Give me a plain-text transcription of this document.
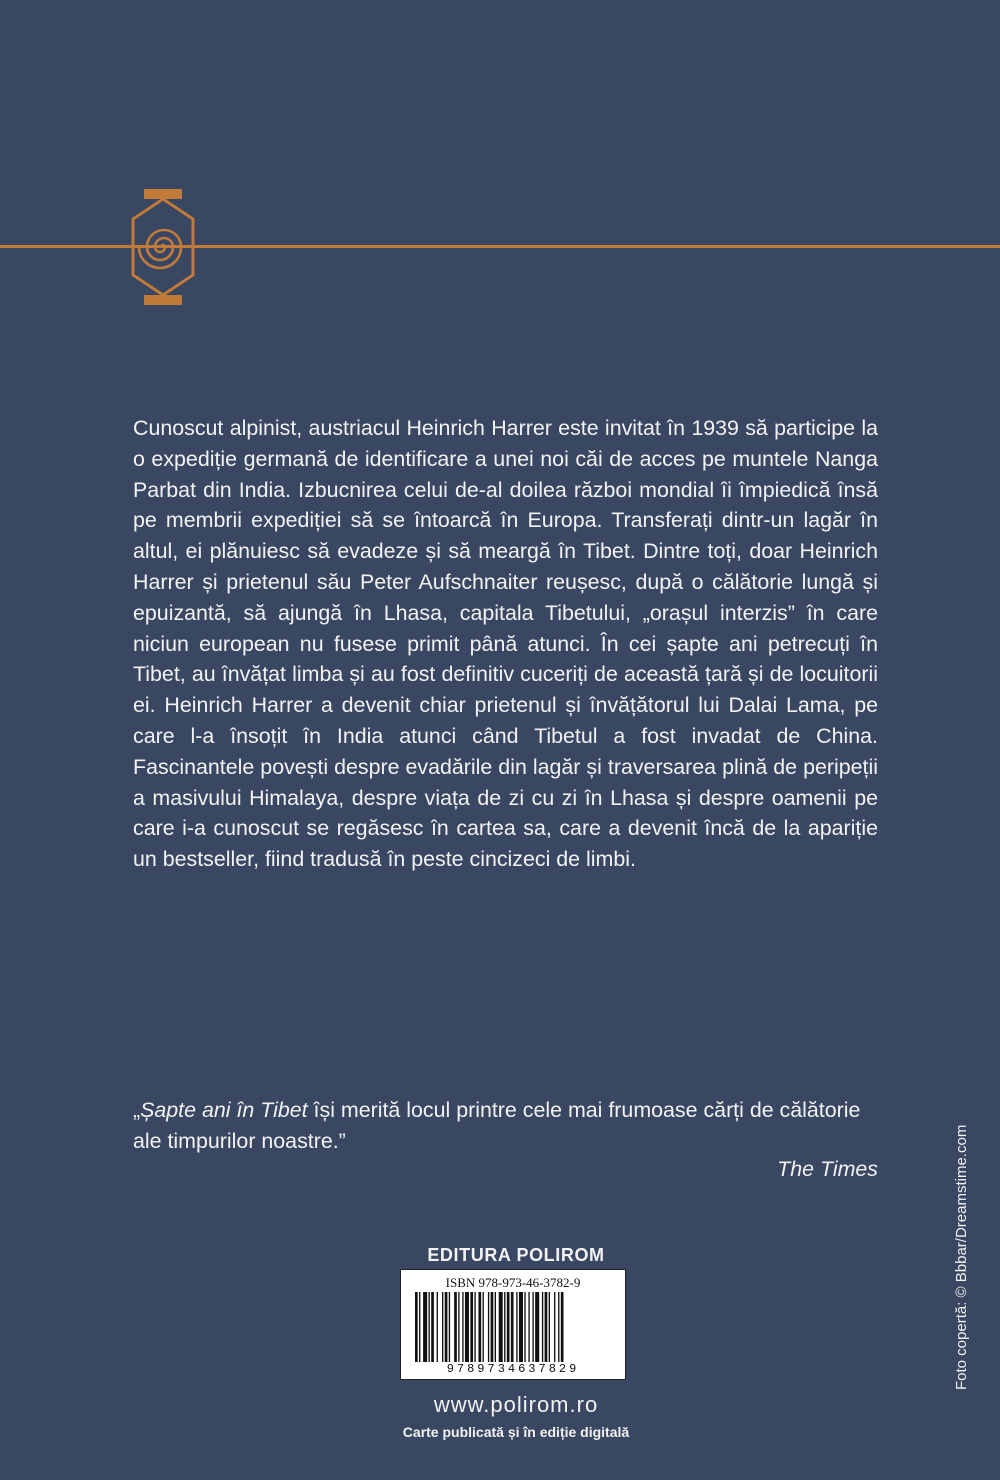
Cunoscut alpinist, austriacul Heinrich Harrer este invitat în 1939 să participe la o expediție germană de identificare a unei noi căi de acces pe muntele Nanga Parbat din India. Izbucnirea celui de-al doilea război mondial îi împiedică însă pe membrii expediției să se întoarcă în Europa. Transferați dintr-un lagăr în altul, ei plănuiesc să evadeze și să meargă în Tibet. Dintre toți, doar Heinrich Harrer și prietenul său Peter Aufschnaiter reușesc, după o călătorie lungă și epuizantă, să ajungă în Lhasa, capitala Tibetului, „orașul interzis” în care niciun european nu fusese primit până atunci. În cei șapte ani petrecuți în Tibet, au învățat limba și au fost definitiv cuceriți de această țară și de locuitorii ei. Heinrich Harrer a devenit chiar prietenul și învățătorul lui Dalai Lama, pe care l-a însoțit în India atunci când Tibetul a fost invadat de China. Fascinantele povești despre evadările din lagăr și traversarea plină de peripeții a masivului Himalaya, despre viața de zi cu zi în Lhasa și despre oamenii pe care i-a cunoscut se regăsesc în cartea sa, care a devenit încă de la apariție un bestseller, fiind tradusă în peste cincizeci de limbi.
„Șapte ani în Tibet își merită locul printre cele mai frumoase cărți de călătorie ale timpurilor noastre.”
The Times
EDITURA POLIROM
ISBN 978-973-46-3782-9
9789734637829
www.polirom.ro
Carte publicată și în ediție digitală
Foto copertă: © Bbbar/Dreamstime.com
